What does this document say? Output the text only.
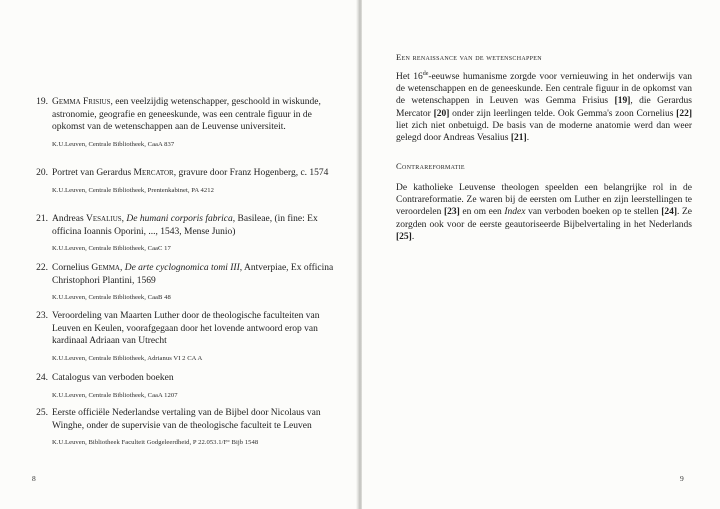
19. Gemma Frisius, een veelzijdig wetenschapper, geschoold in wiskunde, astronomie, geografie en geneeskunde, was een centrale figuur in de opkomst van de wetenschappen aan de Leuvense universiteit.

K.U.Leuven, Centrale Bibliotheek, CaaA 837
20. Portret van Gerardus Mercator, gravure door Franz Hogenberg, c. 1574

K.U.Leuven, Centrale Bibliotheek, Prentenkabinet, PA 4212
21. Andreas Vesalius, De humani corporis fabrica, Basileae, (in fine: Ex officina Ioannis Oporini, ..., 1543, Mense Junio)

K.U.Leuven, Centrale Bibliotheek, CaaC 17
22. Cornelius Gemma, De arte cyclognomica tomi III, Antverpiae, Ex officina Christophori Plantini, 1569

K.U.Leuven, Centrale Bibliotheek, CaaB 48
23. Veroordeling van Maarten Luther door de theologische faculteiten van Leuven en Keulen, voorafgegaan door het lovende antwoord erop van kardinaal Adriaan van Utrecht

K.U.Leuven, Centrale Bibliotheek, Adrianus VI 2 CA A
24. Catalogus van verboden boeken

K.U.Leuven, Centrale Bibliotheek, CaaA 1207
25. Eerste officiële Nederlandse vertaling van de Bijbel door Nicolaus van Winghe, onder de supervisie van de theologische faculteit te Leuven

K.U.Leuven, Bibliotheek Faculteit Godgeleerdheid, P 22.053.1/F° Bijb 1548
8

Een renaissance van de wetenschappen

Het 16de-eeuwse humanisme zorgde voor vernieuwing in het onderwijs van de wetenschappen en de geneeskunde. Een centrale figuur in de opkomst van de wetenschappen in Leuven was Gemma Frisius [19], die Gerardus Mercator [20] onder zijn leerlingen telde. Ook Gemma's zoon Cornelius [22] liet zich niet onbetuigd. De basis van de moderne anatomie werd dan weer gelegd door Andreas Vesalius [21].

Contrareformatie

De katholieke Leuvense theologen speelden een belangrijke rol in de Contrareformatie. Ze waren bij de eersten om Luther en zijn leerstellingen te veroordelen [23] en om een Index van verboden boeken op te stellen [24]. Ze zorgden ook voor de eerste geautoriseerde Bijbelvertaling in het Nederlands [25].

9
